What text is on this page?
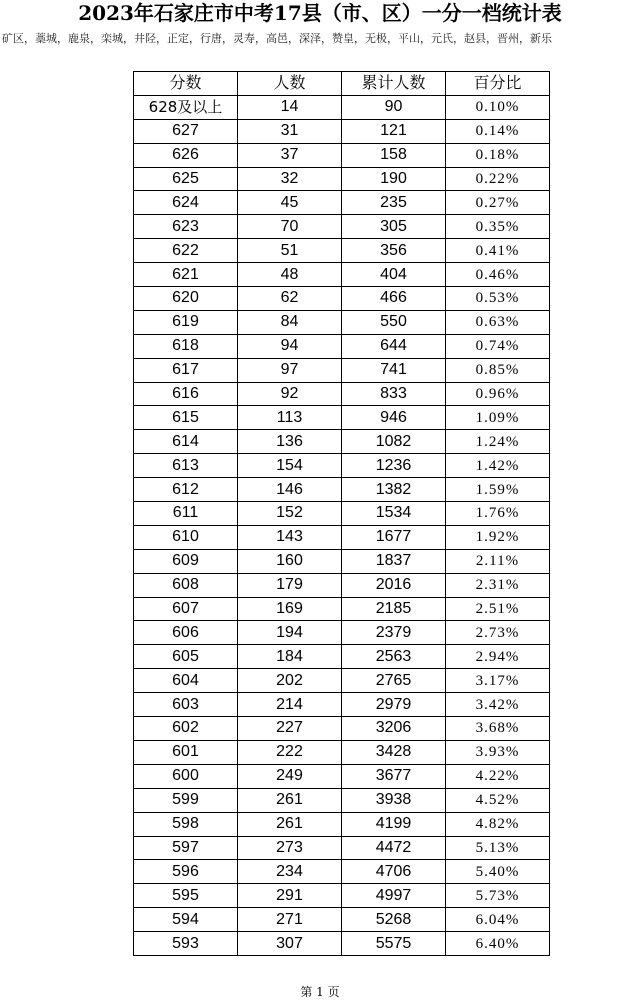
2023年石家庄市中考17县（市、区）一分一档统计表
矿区，藁城，鹿泉，栾城，井陉，正定，行唐，灵寿，高邑，深泽，赞皇，无极，平山，元氏，赵县，晋州，新乐
分数	人数	累计人数	百分比
628及以上	14	90	0.10%
627	31	121	0.14%
626	37	158	0.18%
625	32	190	0.22%
624	45	235	0.27%
623	70	305	0.35%
622	51	356	0.41%
621	48	404	0.46%
620	62	466	0.53%
619	84	550	0.63%
618	94	644	0.74%
617	97	741	0.85%
616	92	833	0.96%
615	113	946	1.09%
614	136	1082	1.24%
613	154	1236	1.42%
612	146	1382	1.59%
611	152	1534	1.76%
610	143	1677	1.92%
609	160	1837	2.11%
608	179	2016	2.31%
607	169	2185	2.51%
606	194	2379	2.73%
605	184	2563	2.94%
604	202	2765	3.17%
603	214	2979	3.42%
602	227	3206	3.68%
601	222	3428	3.93%
600	249	3677	4.22%
599	261	3938	4.52%
598	261	4199	4.82%
597	273	4472	5.13%
596	234	4706	5.40%
595	291	4997	5.73%
594	271	5268	6.04%
593	307	5575	6.40%
第 1 页
